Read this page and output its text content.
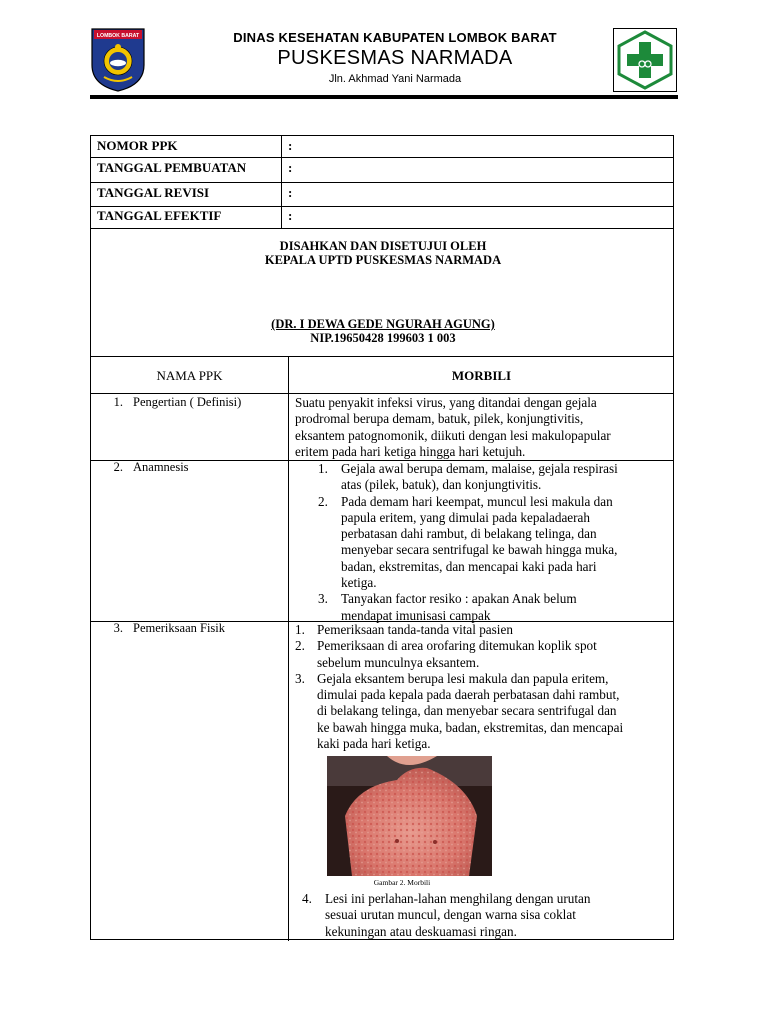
LOMBOK BARAT	DINAS KESEHATAN KABUPATEN LOMBOK BARAT
PUSKESMAS NARMADA
Jln. Akhmad Yani Narmada
NOMOR PPK	:
TANGGAL PEMBUATAN	:
TANGGAL REVISI	:
TANGGAL EFEKTIF	:
DISAHKAN DAN DISETUJUI OLEH
KEPALA UPTD PUSKESMAS NARMADA
(DR. I DEWA GEDE NGURAH AGUNG)
NIP.19650428 199603 1 003
NAMA PPK	MORBILI
1. Pengertian ( Definisi)	Suatu penyakit infeksi virus, yang ditandai dengan gejala
prodromal berupa demam, batuk, pilek, konjungtivitis,
eksantem patognomonik, diikuti dengan lesi makulopapular
eritem pada hari ketiga hingga hari ketujuh.
2. Anamnesis	1. Gejala awal berupa demam, malaise, gejala respirasi
atas (pilek, batuk), dan konjungtivitis.
2. Pada demam hari keempat, muncul lesi makula dan
papula eritem, yang dimulai pada kepaladaerah
perbatasan dahi rambut, di belakang telinga, dan
menyebar secara sentrifugal ke bawah hingga muka,
badan, ekstremitas, dan mencapai kaki pada hari
ketiga.
3. Tanyakan factor resiko : apakan Anak belum
mendapat imunisasi campak
3. Pemeriksaan Fisik	1. Pemeriksaan tanda-tanda vital pasien
2. Pemeriksaan di area orofaring ditemukan koplik spot
sebelum munculnya eksantem.
3. Gejala eksantem berupa lesi makula dan papula eritem,
dimulai pada kepala pada daerah perbatasan dahi rambut,
di belakang telinga, dan menyebar secara sentrifugal dan
ke bawah hingga muka, badan, ekstremitas, dan mencapai
kaki pada hari ketiga.
Gambar 2. Morbili
4. Lesi ini perlahan-lahan menghilang dengan urutan
sesuai urutan muncul, dengan warna sisa coklat
kekuningan atau deskuamasi ringan.
